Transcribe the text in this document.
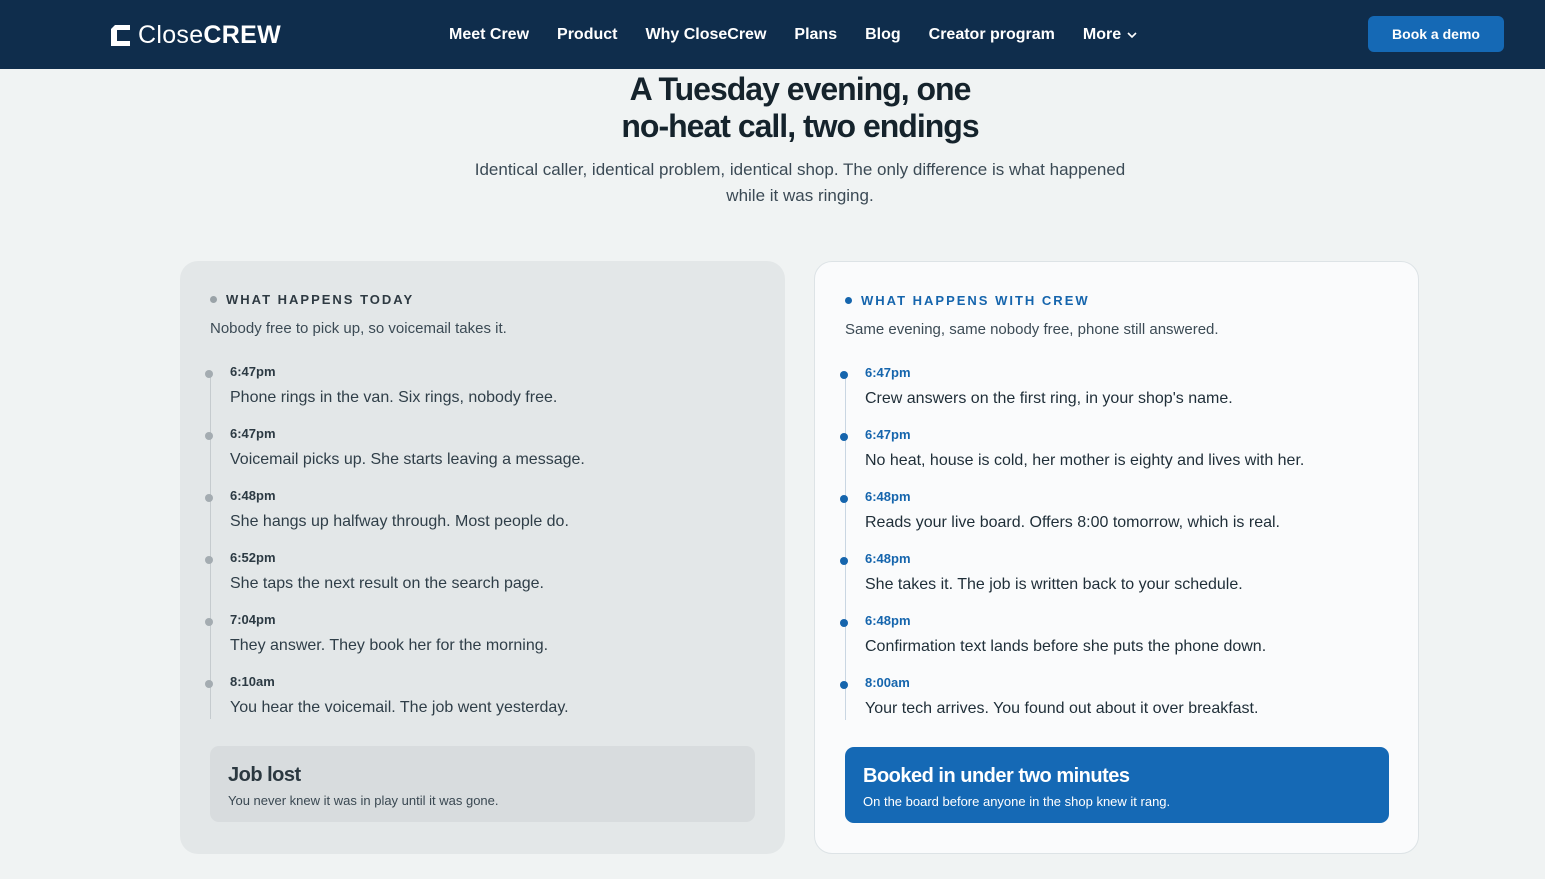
CloseCREW	Meet Crew Product Why CloseCrew Plans Blog Creator program More	Book a demo
A Tuesday evening, one
no-heat call, two endings

Identical caller, identical problem, identical shop. The only difference is what happened
while it was ringing.

WHAT HAPPENS TODAY

Nobody free to pick up, so voicemail takes it.

6:47pm
Phone rings in the van. Six rings, nobody free.
6:47pm
Voicemail picks up. She starts leaving a message.
6:48pm
She hangs up halfway through. Most people do.
6:52pm
She taps the next result on the search page.
7:04pm
They answer. They book her for the morning.
8:10am
You hear the voicemail. The job went yesterday.
Job lost
You never knew it was in play until it was gone.
WHAT HAPPENS WITH CREW

Same evening, same nobody free, phone still answered.

6:47pm
Crew answers on the first ring, in your shop's name.
6:47pm
No heat, house is cold, her mother is eighty and lives with her.
6:48pm
Reads your live board. Offers 8:00 tomorrow, which is real.
6:48pm
She takes it. The job is written back to your schedule.
6:48pm
Confirmation text lands before she puts the phone down.
8:00am
Your tech arrives. You found out about it over breakfast.
Booked in under two minutes
On the board before anyone in the shop knew it rang.
